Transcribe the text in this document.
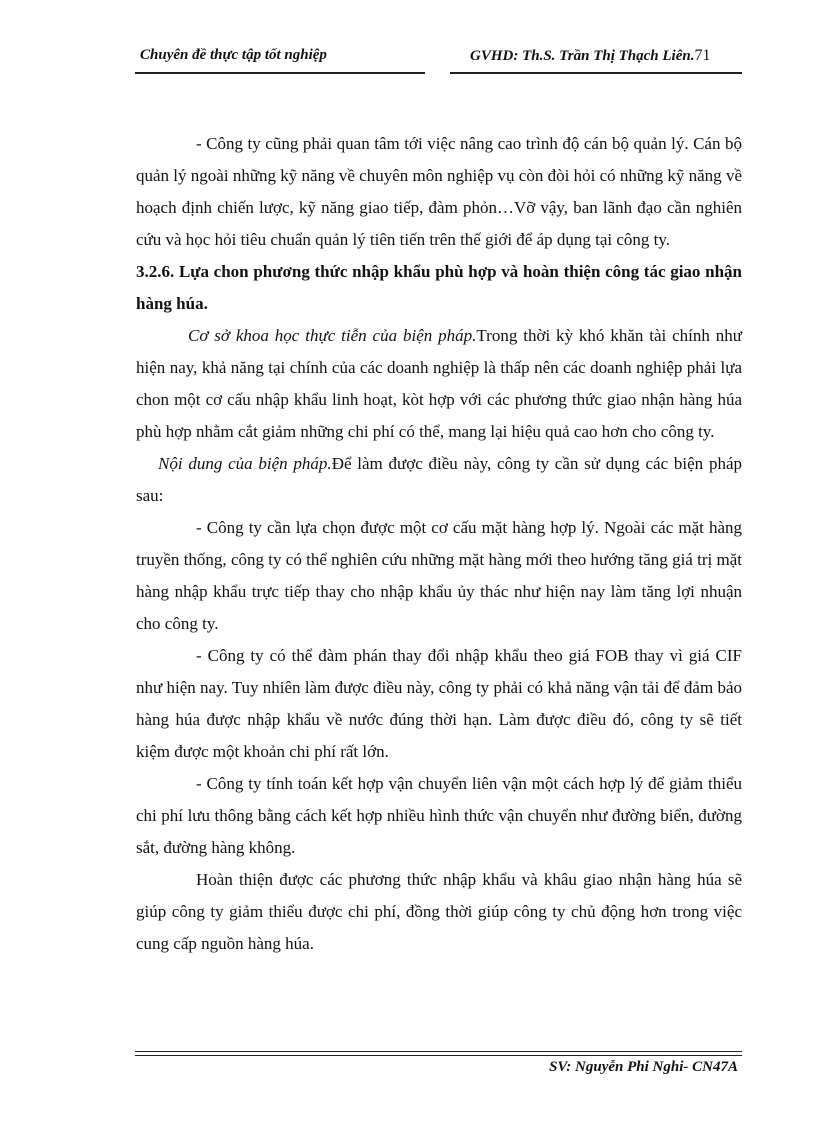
Chuyên đề thực tập tốt nghiệp	GVHD: Th.S. Trần Thị Thạch Liên.71

- Công ty cũng phải quan tâm tới việc nâng cao trình độ cán bộ quản lý. Cán bộ quản lý ngoài những kỹ năng về chuyên môn nghiệp vụ còn đòi hỏi có những kỹ năng về hoạch định chiến lược, kỹ năng giao tiếp, đàm phỏn…Vỡ vậy, ban lãnh đạo cần nghiên cứu và học hỏi tiêu chuẩn quản lý tiên tiến trên thế giới để áp dụng tại công ty.

3.2.6. Lựa chon phương thức nhập khẩu phù hợp và hoàn thiện công tác giao nhận hàng húa.

Cơ sở khoa học thực tiễn của biện pháp.Trong thời kỳ khó khăn tài chính như hiện nay, khả năng tại chính của các doanh nghiệp là thấp nên các doanh nghiệp phải lựa chon một cơ cấu nhập khẩu linh hoạt, kòt hợp với các phương thức giao nhận hàng húa phù hợp nhằm cắt giảm những chi phí có thể, mang lại hiệu quả cao hơn cho công ty.

Nội dung của biện pháp.Để làm được điều này, công ty cần sử dụng các biện pháp sau:

- Công ty cần lựa chọn được một cơ cấu mặt hàng hợp lý. Ngoài các mặt hàng truyền thống, công ty có thể nghiên cứu những mặt hàng mới theo hướng tăng giá trị mặt hàng nhập khẩu trực tiếp thay cho nhập khẩu ủy thác như hiện nay làm tăng lợi nhuận cho công ty.

- Công ty có thể đàm phán thay đổi nhập khẩu theo giá FOB thay vì giá CIF như hiện nay. Tuy nhiên làm được điều này, công ty phải có khả năng vận tải để đảm bảo hàng húa được nhập khẩu về nước đúng thời hạn. Làm được điều đó, công ty sẽ tiết kiệm được một khoản chi phí rất lớn.

- Công ty tính toán kết hợp vận chuyển liên vận một cách hợp lý để giảm thiểu chi phí lưu thông bằng cách kết hợp nhiều hình thức vận chuyển như đường biển, đường sắt, đường hàng không.

Hoàn thiện được các phương thức nhập khẩu và khâu giao nhận hàng húa sẽ giúp công ty giảm thiểu được chi phí, đồng thời giúp công ty chủ động hơn trong việc cung cấp nguồn hàng húa.

SV: Nguyễn Phi Nghi- CN47A
